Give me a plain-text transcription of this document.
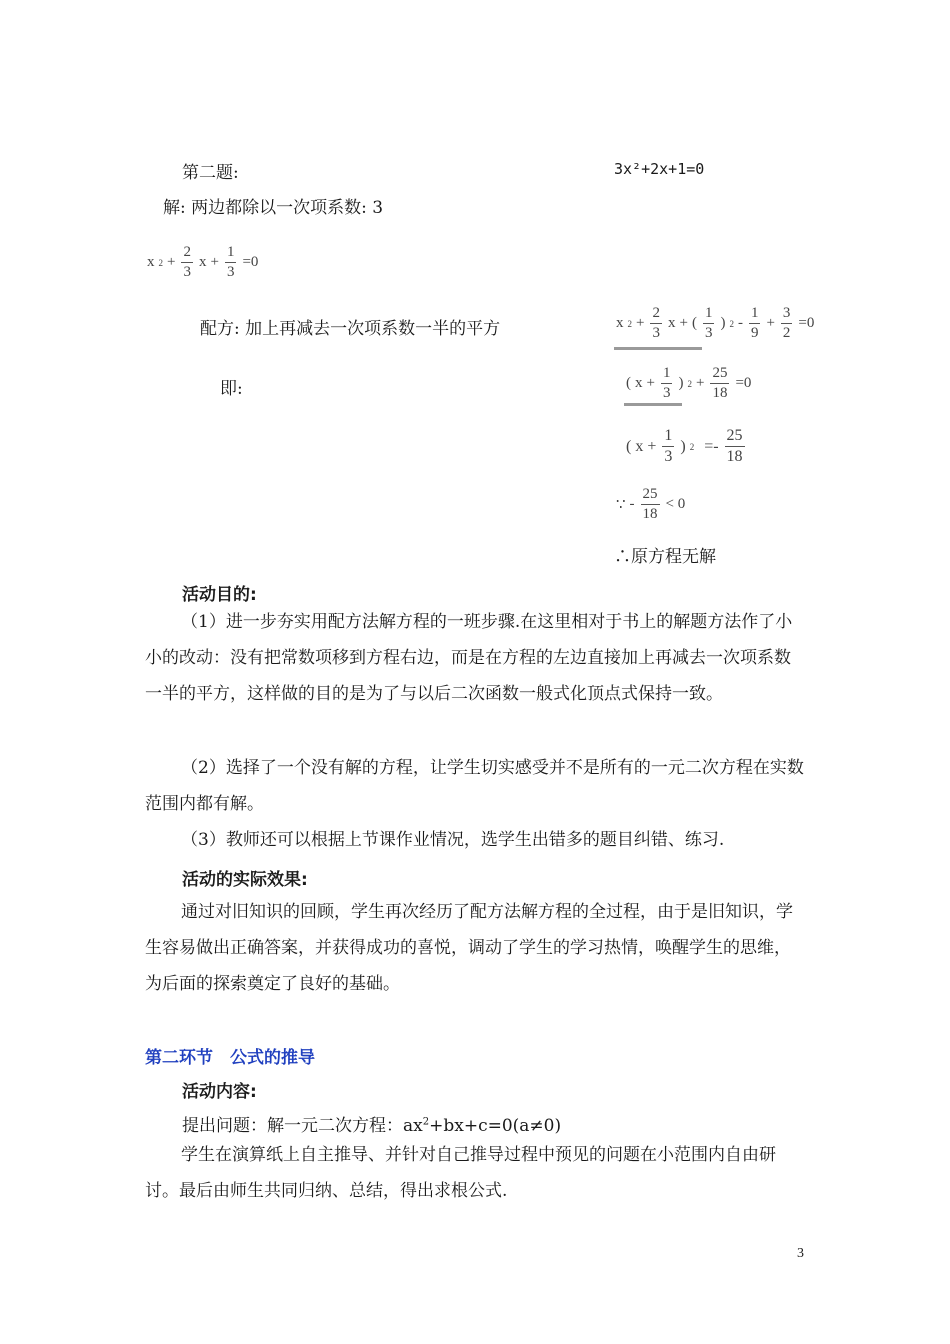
第二题:	3x²+2x+1=0
解: 两边都除以一次项系数: 3
x $2 + \frac{2}{3}$ $x + \frac{1}{3} =0$
配方: 加上再减去一次项系数一半的平方	x $2 + \frac{2}{3}$ x + ( $\frac{1}{3}$ ) $2 - \frac{1}{9} + \frac{3}{2} =0$
即:	( $x + \frac{1}{3}$ ) $2 + \frac{25}{18} =0$
( $x + \frac{1}{3}$ ) $2 =- \frac{25}{18}$
∵ - $\frac{25}{18} < 0$
∴原方程无解
活动目的:
（1）进一步夯实用配方法解方程的一班步骤.在这里相对于书上的解题方法作了小小的改动：没有把常数项移到方程右边，而是在方程的左边直接加上再减去一次项系数一半的平方，这样做的目的是为了与以后二次函数一般式化顶点式保持一致。
（2）选择了一个没有解的方程，让学生切实感受并不是所有的一元二次方程在实数范围内都有解。
（3）教师还可以根据上节课作业情况，选学生出错多的题目纠错、练习.
活动的实际效果:
通过对旧知识的回顾，学生再次经历了配方法解方程的全过程，由于是旧知识，学生容易做出正确答案，并获得成功的喜悦，调动了学生的学习热情，唤醒学生的思维，为后面的探索奠定了良好的基础。
第二环节　公式的推导
活动内容:
提出问题：解一元二次方程：$ax^2+bx+c=0(a\ne 0)$
学生在演算纸上自主推导、并针对自己推导过程中预见的问题在小范围内自由研讨。最后由师生共同归纳、总结，得出求根公式.
3
